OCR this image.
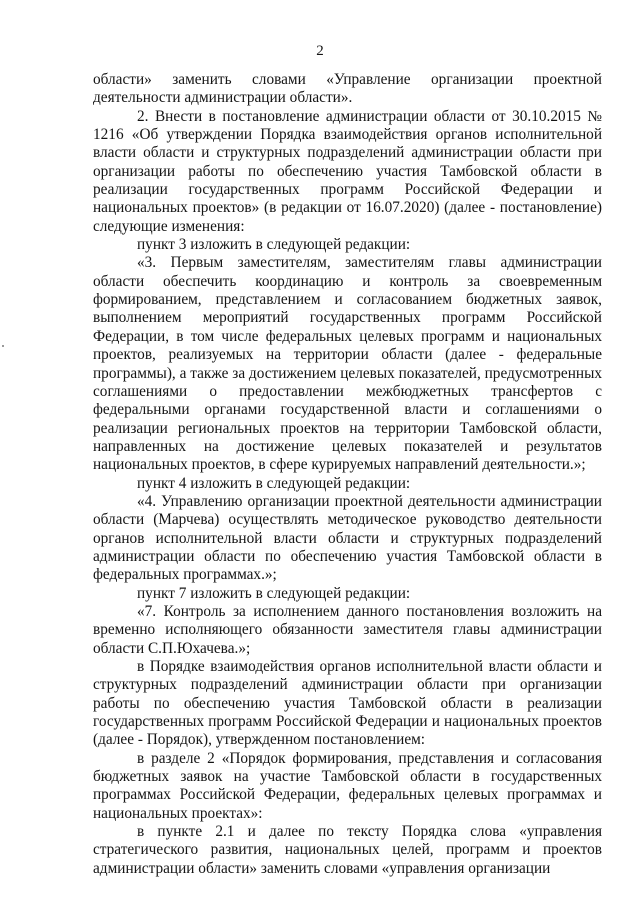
2

области» заменить словами «Управление организации проектной деятельности администрации области».

2. Внести в постановление администрации области от 30.10.2015 № 1216 «Об утверждении Порядка взаимодействия органов исполнительной власти области и структурных подразделений администрации области при организации работы по обеспечению участия Тамбовской области в реализации государственных программ Российской Федерации и национальных проектов» (в редакции от 16.07.2020) (далее - постановление) следующие изменения:

пункт 3 изложить в следующей редакции:

«3. Первым заместителям, заместителям главы администрации области обеспечить координацию и контроль за своевременным формированием, представлением и согласованием бюджетных заявок, выполнением мероприятий государственных программ Российской Федерации, в том числе федеральных целевых программ и национальных проектов, реализуемых на территории области (далее - федеральные программы), а также за достижением целевых показателей, предусмотренных соглашениями о предоставлении межбюджетных трансфертов с федеральными органами государственной власти и соглашениями о реализации региональных проектов на территории Тамбовской области, направленных на достижение целевых показателей и результатов национальных проектов, в сфере курируемых направлений деятельности.»;

пункт 4 изложить в следующей редакции:

«4. Управлению организации проектной деятельности администрации области (Марчева) осуществлять методическое руководство деятельности органов исполнительной власти области и структурных подразделений администрации области по обеспечению участия Тамбовской области в федеральных программах.»;

пункт 7 изложить в следующей редакции:

«7. Контроль за исполнением данного постановления возложить на временно исполняющего обязанности заместителя главы администрации области С.П.Юхачева.»;

в Порядке взаимодействия органов исполнительной власти области и структурных подразделений администрации области при организации работы по обеспечению участия Тамбовской области в реализации государственных программ Российской Федерации и национальных проектов (далее - Порядок), утвержденном постановлением:

в разделе 2 «Порядок формирования, представления и согласования бюджетных заявок на участие Тамбовской области в государственных программах Российской Федерации, федеральных целевых программах и национальных проектах»:

в пункте 2.1 и далее по тексту Порядка слова «управления стратегического развития, национальных целей, программ и проектов администрации области» заменить словами «управления организации
